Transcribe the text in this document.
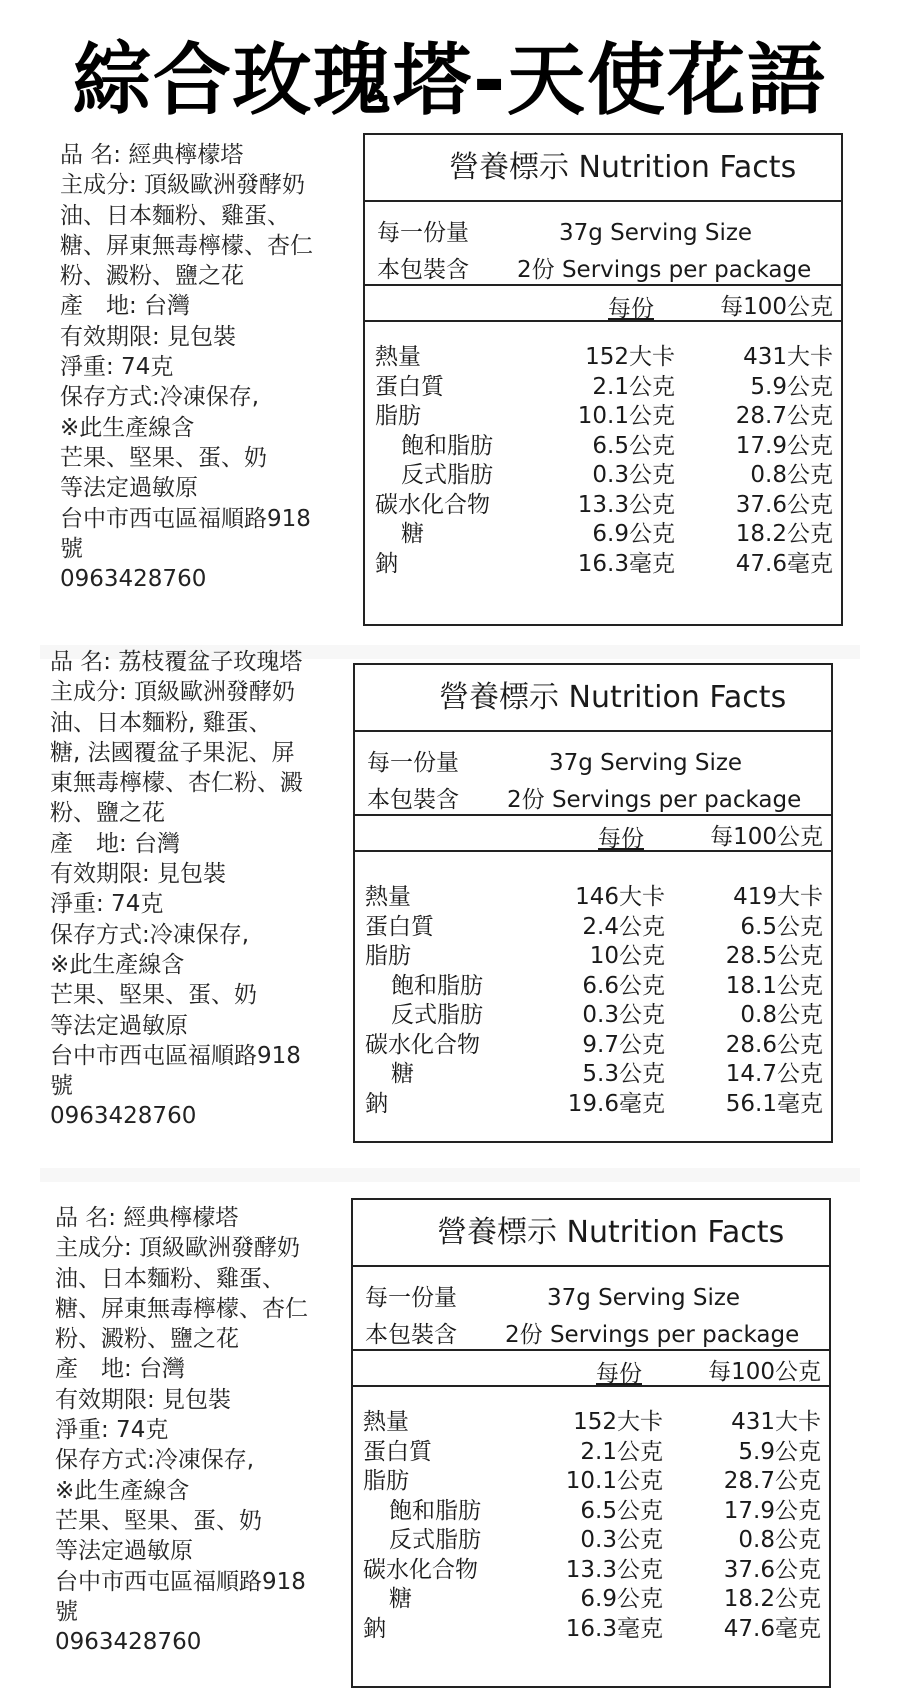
綜合玫瑰塔-天使花語
品 名: 經典檸檬塔
主成分: 頂級歐洲發酵奶
油、日本麵粉、雞蛋、
糖、屏東無毒檸檬、杏仁
粉、澱粉、鹽之花
產　地: 台灣
有效期限: 見包裝
淨重: 74克
保存方式:冷凍保存,
※此生產線含
芒果、堅果、蛋、奶
等法定過敏原
台中市西屯區福順路918
號
0963428760
營養標示 Nutrition Facts
每一份量	37g Serving Size
本包裝含 2份 Servings per package
每份	每100公克
熱量	152大卡	431大卡
蛋白質	2.1公克	5.9公克
脂肪	10.1公克	28.7公克
飽和脂肪	6.5公克	17.9公克
反式脂肪	0.3公克	0.8公克
碳水化合物	13.3公克	37.6公克
糖	6.9公克	18.2公克
鈉	16.3毫克	47.6毫克
品 名: 荔枝覆盆子玫瑰塔
主成分: 頂級歐洲發酵奶
油、日本麵粉, 雞蛋、
糖, 法國覆盆子果泥、屏
東無毒檸檬、杏仁粉、澱
粉、鹽之花
產　地: 台灣
有效期限: 見包裝
淨重: 74克
保存方式:冷凍保存,
※此生產線含
芒果、堅果、蛋、奶
等法定過敏原
台中市西屯區福順路918
號
0963428760
營養標示 Nutrition Facts
每一份量	37g Serving Size
本包裝含 2份 Servings per package
每份	每100公克
熱量	146大卡	419大卡
蛋白質	2.4公克	6.5公克
脂肪	10公克	28.5公克
飽和脂肪	6.6公克	18.1公克
反式脂肪	0.3公克	0.8公克
碳水化合物	9.7公克	28.6公克
糖	5.3公克	14.7公克
鈉	19.6毫克	56.1毫克
品 名: 經典檸檬塔
主成分: 頂級歐洲發酵奶
油、日本麵粉、雞蛋、
糖、屏東無毒檸檬、杏仁
粉、澱粉、鹽之花
產　地: 台灣
有效期限: 見包裝
淨重: 74克
保存方式:冷凍保存,
※此生產線含
芒果、堅果、蛋、奶
等法定過敏原
台中市西屯區福順路918
號
0963428760
營養標示 Nutrition Facts
每一份量	37g Serving Size
本包裝含 2份 Servings per package
每份	每100公克
熱量	152大卡	431大卡
蛋白質	2.1公克	5.9公克
脂肪	10.1公克	28.7公克
飽和脂肪	6.5公克	17.9公克
反式脂肪	0.3公克	0.8公克
碳水化合物	13.3公克	37.6公克
糖	6.9公克	18.2公克
鈉	16.3毫克	47.6毫克
